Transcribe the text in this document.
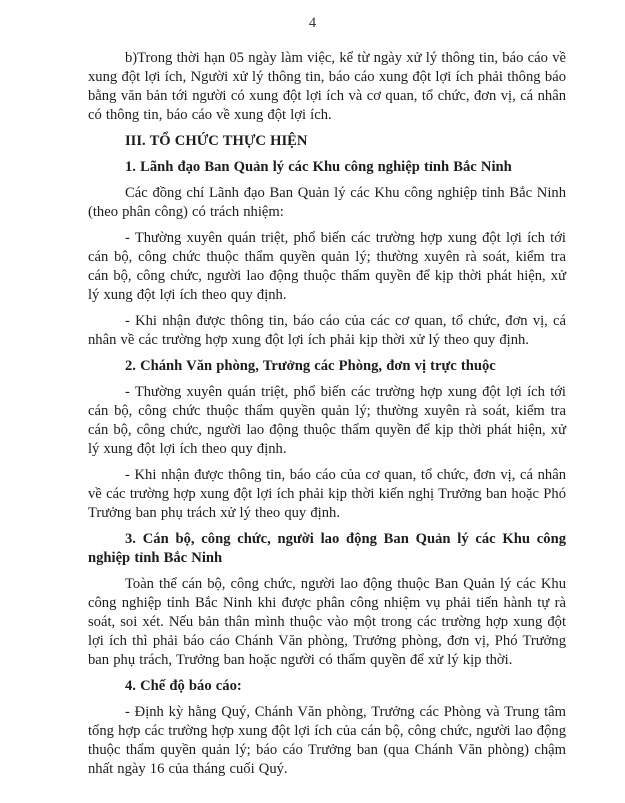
4

b)Trong thời hạn 05 ngày làm việc, kể từ ngày xử lý thông tin, báo cáo về xung đột lợi ích, Người xử lý thông tin, báo cáo xung đột lợi ích phải thông báo bằng văn bản tới người có xung đột lợi ích và cơ quan, tổ chức, đơn vị, cá nhân có thông tin, báo cáo về xung đột lợi ích.

III. TỔ CHỨC THỰC HIỆN

1. Lãnh đạo Ban Quản lý các Khu công nghiệp tỉnh Bắc Ninh

Các đồng chí Lãnh đạo Ban Quản lý các Khu công nghiệp tỉnh Bắc Ninh (theo phân công) có trách nhiệm:

- Thường xuyên quán triệt, phổ biến các trường hợp xung đột lợi ích tới cán bộ, công chức thuộc thẩm quyền quản lý; thường xuyên rà soát, kiểm tra cán bộ, công chức, người lao động thuộc thẩm quyền để kịp thời phát hiện, xử lý xung đột lợi ích theo quy định.

- Khi nhận được thông tin, báo cáo của các cơ quan, tổ chức, đơn vị, cá nhân về các trường hợp xung đột lợi ích phải kịp thời xử lý theo quy định.

2. Chánh Văn phòng, Trưởng các Phòng, đơn vị trực thuộc

- Thường xuyên quán triệt, phổ biến các trường hợp xung đột lợi ích tới cán bộ, công chức thuộc thẩm quyền quản lý; thường xuyên rà soát, kiểm tra cán bộ, công chức, người lao động thuộc thẩm quyền để kịp thời phát hiện, xử lý xung đột lợi ích theo quy định.

- Khi nhận được thông tin, báo cáo của cơ quan, tổ chức, đơn vị, cá nhân về các trường hợp xung đột lợi ích phải kịp thời kiến nghị Trưởng ban hoặc Phó Trưởng ban phụ trách xử lý theo quy định.

3. Cán bộ, công chức, người lao động Ban Quản lý các Khu công nghiệp tỉnh Bắc Ninh

Toàn thể cán bộ, công chức, người lao động thuộc Ban Quản lý các Khu công nghiệp tỉnh Bắc Ninh khi được phân công nhiệm vụ phải tiến hành tự rà soát, soi xét. Nếu bản thân mình thuộc vào một trong các trường hợp xung đột lợi ích thì phải báo cáo Chánh Văn phòng, Trưởng phòng, đơn vị, Phó Trưởng ban phụ trách, Trưởng ban hoặc người có thẩm quyền để xử lý kịp thời.

4. Chế độ báo cáo:

- Định kỳ hằng Quý, Chánh Văn phòng, Trưởng các Phòng và Trung tâm tổng hợp các trường hợp xung đột lợi ích của cán bộ, công chức, người lao động thuộc thẩm quyền quản lý; báo cáo Trưởng ban (qua Chánh Văn phòng) chậm nhất ngày 16 của tháng cuối Quý.
